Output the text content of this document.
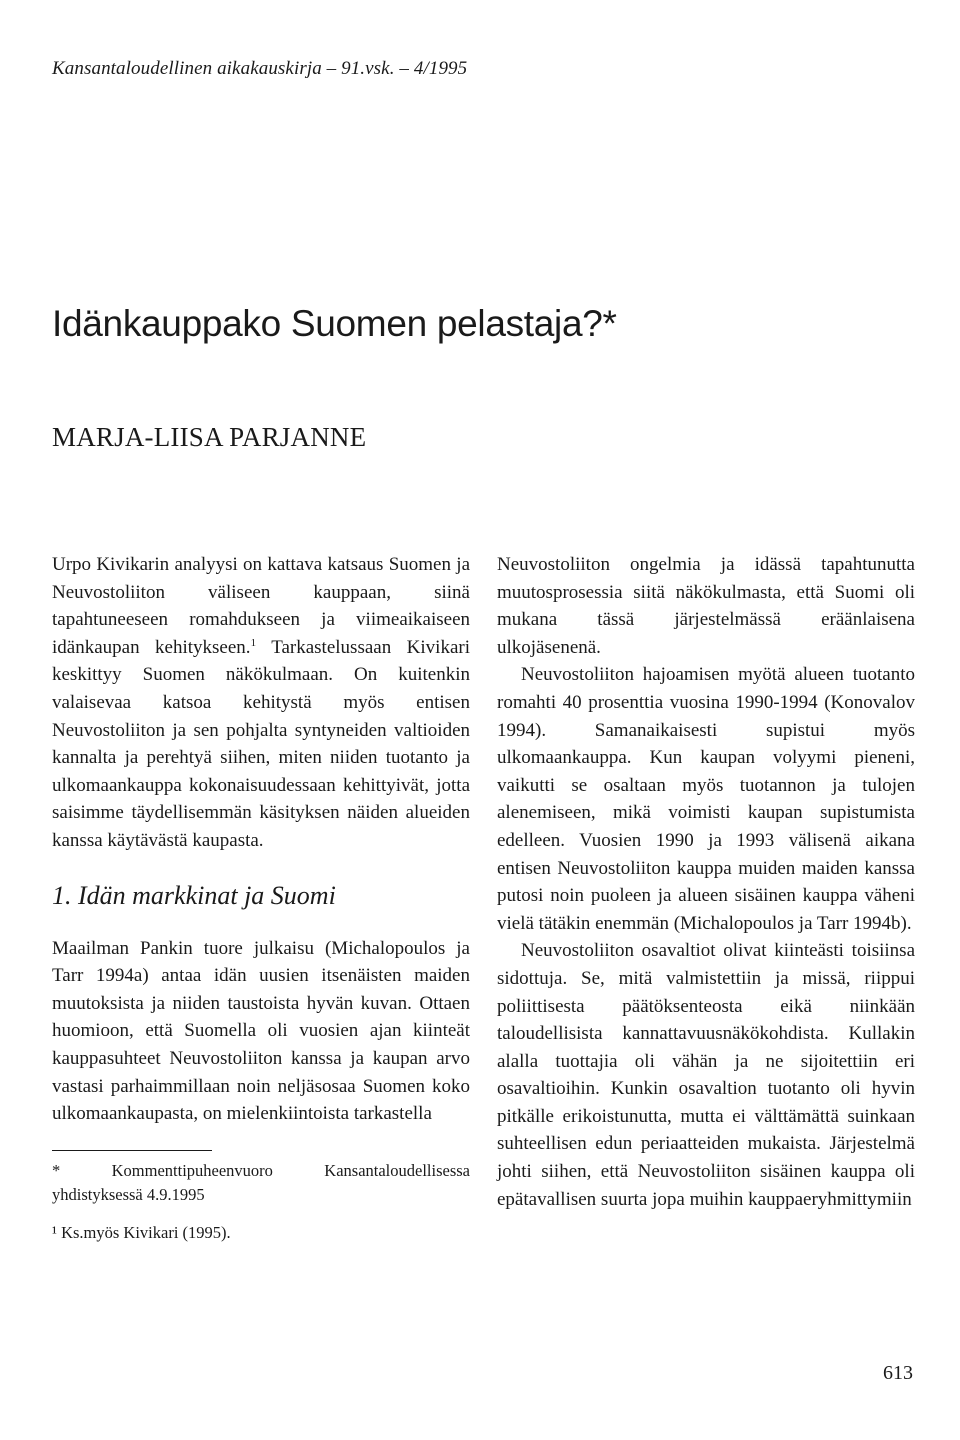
Kansantaloudellinen aikakauskirja – 91.vsk. – 4/1995
Idänkauppako Suomen pelastaja?*
MARJA-LIISA PARJANNE

Urpo Kivikarin analyysi on kattava katsaus Suomen ja Neuvostoliiton väliseen kauppaan, siinä tapahtuneeseen romahdukseen ja viimeaikaiseen idänkaupan kehitykseen.$^1$ Tarkastelussaan Kivikari keskittyy Suomen näkökulmaan. On kuitenkin valaisevaa katsoa kehitystä myös entisen Neuvostoliiton ja sen pohjalta syntyneiden valtioiden kannalta ja perehtyä siihen, miten niiden tuotanto ja ulkomaankauppa kokonaisuudessaan kehittyivät, jotta saisimme täydellisemmän käsityksen näiden alueiden kanssa käytävästä kaupasta.

1. Idän markkinat ja Suomi

Maailman Pankin tuore julkaisu (Michalopoulos ja Tarr 1994a) antaa idän uusien itsenäisten maiden muutoksista ja niiden taustoista hyvän kuvan. Ottaen huomioon, että Suomella oli vuosien ajan kiinteät kauppasuhteet Neuvostoliiton kanssa ja kaupan arvo vastasi parhaimmillaan noin neljäsosaa Suomen koko ulkomaankaupasta, on mielenkiintoista tarkastella

* Kommenttipuheenvuoro Kansantaloudellisessa yhdistyksessä 4.9.1995

¹ Ks.myös Kivikari (1995).

Neuvostoliiton ongelmia ja idässä tapahtunutta muutosprosessia siitä näkökulmasta, että Suomi oli mukana tässä järjestelmässä eräänlaisena ulkojäsenenä.

Neuvostoliiton hajoamisen myötä alueen tuotanto romahti 40 prosenttia vuosina 1990-1994 (Konovalov 1994). Samanaikaisesti supistui myös ulkomaankauppa. Kun kaupan volyymi pieneni, vaikutti se osaltaan myös tuotannon ja tulojen alenemiseen, mikä voimisti kaupan supistumista edelleen. Vuosien 1990 ja 1993 välisenä aikana entisen Neuvostoliiton kauppa muiden maiden kanssa putosi noin puoleen ja alueen sisäinen kauppa väheni vielä tätäkin enemmän (Michalopoulos ja Tarr 1994b).

Neuvostoliiton osavaltiot olivat kiinteästi toisiinsa sidottuja. Se, mitä valmistettiin ja missä, riippui poliittisesta päätöksenteosta eikä niinkään taloudellisista kannattavuusnäkökohdista. Kullakin alalla tuottajia oli vähän ja ne sijoitettiin eri osavaltioihin. Kunkin osavaltion tuotanto oli hyvin pitkälle erikoistunutta, mutta ei välttämättä suinkaan suhteellisen edun periaatteiden mukaista. Järjestelmä johti siihen, että Neuvostoliiton sisäinen kauppa oli epätavallisen suurta jopa muihin kauppaeryhmittymiin

613
